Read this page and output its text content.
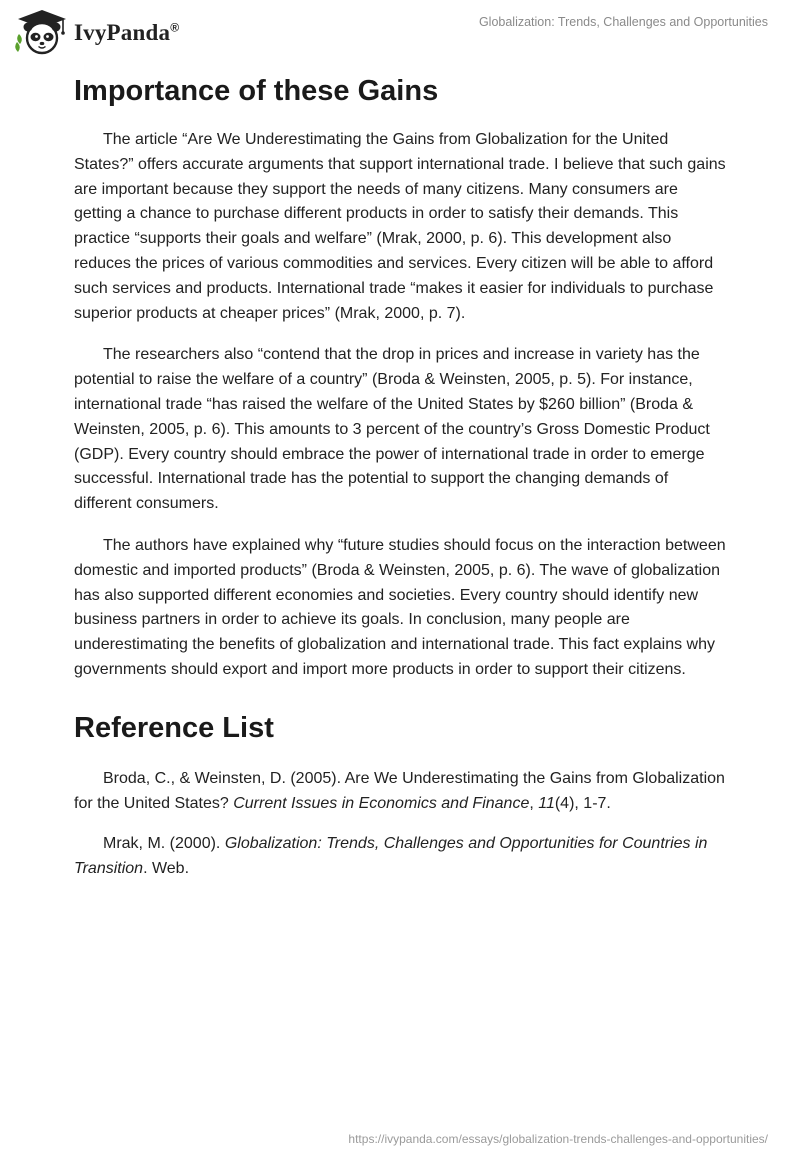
IvyPanda®	Globalization: Trends, Challenges and Opportunities
Importance of these Gains

The article “Are We Underestimating the Gains from Globalization for the United States?” offers accurate arguments that support international trade. I believe that such gains are important because they support the needs of many citizens. Many consumers are getting a chance to purchase different products in order to satisfy their demands. This practice “supports their goals and welfare” (Mrak, 2000, p. 6). This development also reduces the prices of various commodities and services. Every citizen will be able to afford such services and products. International trade “makes it easier for individuals to purchase superior products at cheaper prices” (Mrak, 2000, p. 7).

The researchers also “contend that the drop in prices and increase in variety has the potential to raise the welfare of a country” (Broda & Weinsten, 2005, p. 5). For instance, international trade “has raised the welfare of the United States by $260 billion” (Broda & Weinsten, 2005, p. 6). This amounts to 3 percent of the country’s Gross Domestic Product (GDP). Every country should embrace the power of international trade in order to emerge successful. International trade has the potential to support the changing demands of different consumers.

The authors have explained why “future studies should focus on the interaction between domestic and imported products” (Broda & Weinsten, 2005, p. 6). The wave of globalization has also supported different economies and societies. Every country should identify new business partners in order to achieve its goals. In conclusion, many people are underestimating the benefits of globalization and international trade. This fact explains why governments should export and import more products in order to support their citizens.

Reference List

Broda, C., & Weinsten, D. (2005). Are We Underestimating the Gains from Globalization for the United States? Current Issues in Economics and Finance, 11(4), 1-7.

Mrak, M. (2000). Globalization: Trends, Challenges and Opportunities for Countries in Transition. Web.

https://ivypanda.com/essays/globalization-trends-challenges-and-opportunities/
